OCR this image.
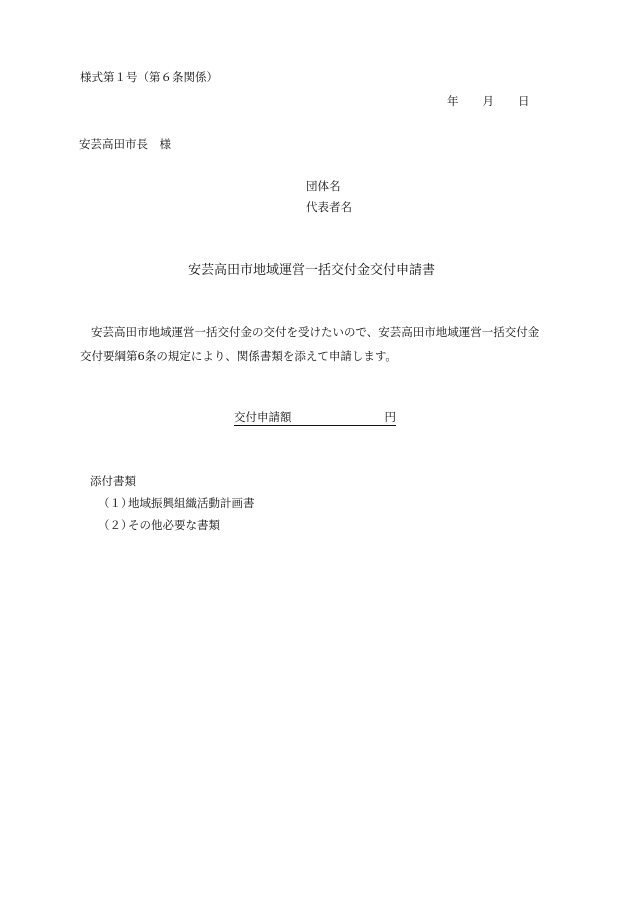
様式第１号（第６条関係）
年 月 日
安芸高田市長　様
団体名
代表者名
安芸高田市地域運営一括交付金交付申請書
安芸高田市地域運営一括交付金の交付を受けたいので、安芸高田市地域運営一括交付金
交付要綱第6条の規定により、関係書類を添えて申請します。
交付申請額	円

添付書類
（１）地域振興組織活動計画書
（２）その他必要な書類
